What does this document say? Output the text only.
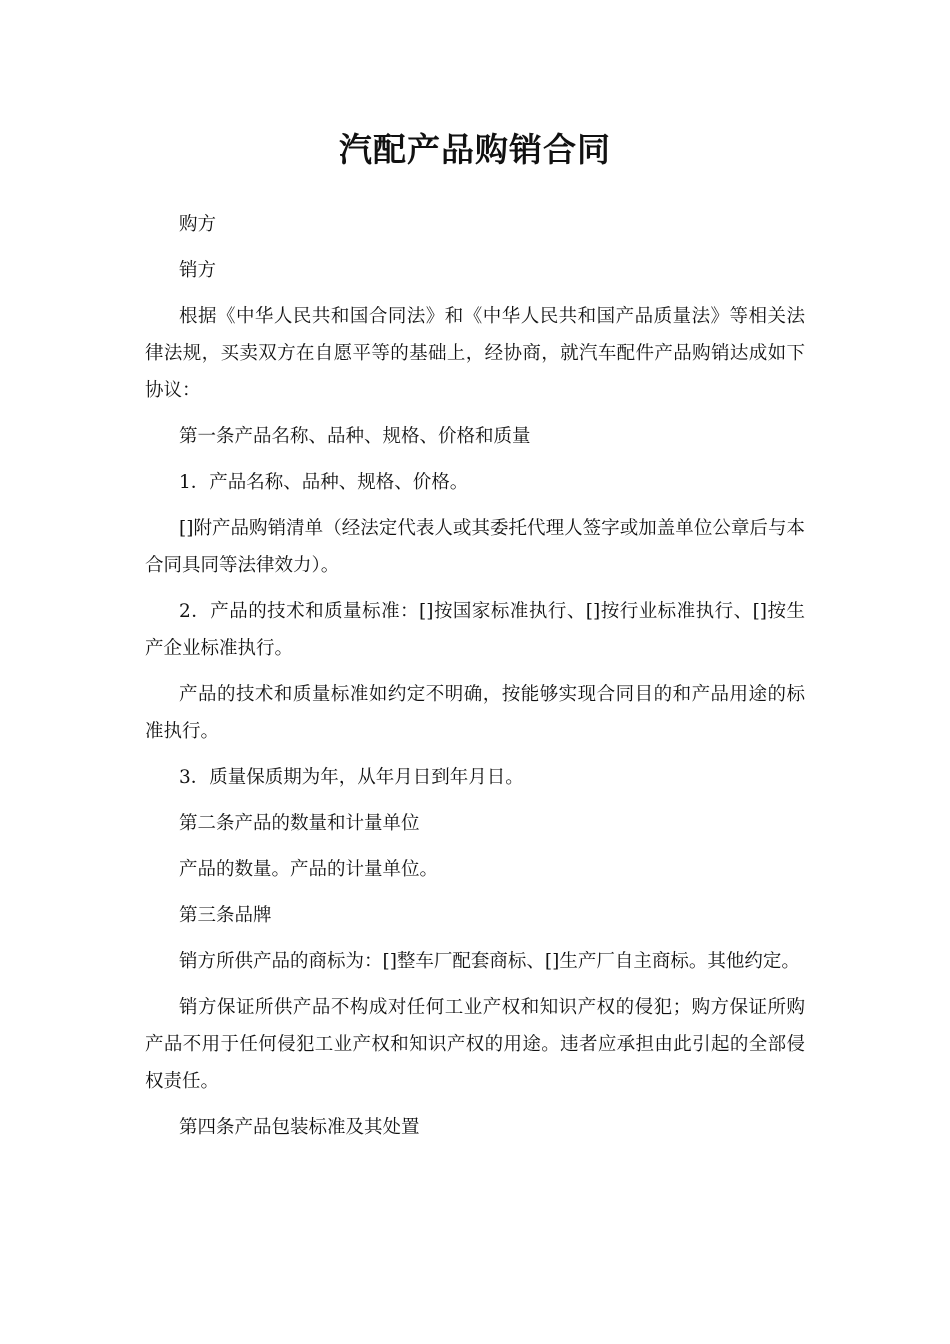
汽配产品购销合同

购方

销方

根据《中华人民共和国合同法》和《中华人民共和国产品质量法》等相关法律法规，买卖双方在自愿平等的基础上，经协商，就汽车配件产品购销达成如下协议：

第一条产品名称、品种、规格、价格和质量

1．产品名称、品种、规格、价格。

[]附产品购销清单（经法定代表人或其委托代理人签字或加盖单位公章后与本合同具同等法律效力）。

2．产品的技术和质量标准：[]按国家标准执行、[]按行业标准执行、[]按生产企业标准执行。

产品的技术和质量标准如约定不明确，按能够实现合同目的和产品用途的标准执行。

3．质量保质期为年，从年月日到年月日。

第二条产品的数量和计量单位

产品的数量。产品的计量单位。

第三条品牌

销方所供产品的商标为：[]整车厂配套商标、[]生产厂自主商标。其他约定。

销方保证所供产品不构成对任何工业产权和知识产权的侵犯；购方保证所购产品不用于任何侵犯工业产权和知识产权的用途。违者应承担由此引起的全部侵权责任。

第四条产品包装标准及其处置
